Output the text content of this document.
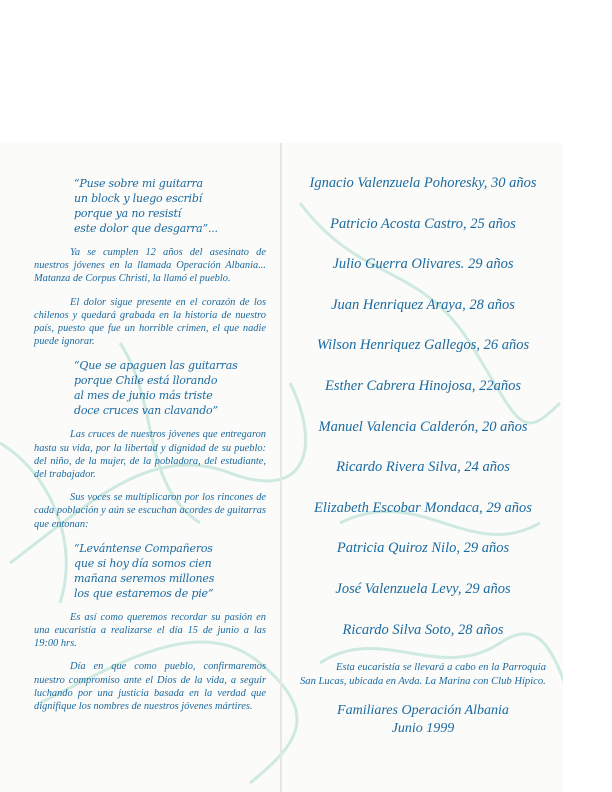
“Puse sobre mi guitarra
un block y luego escribí
porque ya no resistí
este dolor que desgarra”...

Ya se cumplen 12 años del asesinato de nuestros jóvenes en la llamada Operación Albania... Matanza de Corpus Christi, la llamó el pueblo.

El dolor sigue presente en el corazón de los chilenos y quedará grabada en la historia de nuestro país, puesto que fue un horrible crimen, el que nadie puede ignorar.

“Que se apaguen las guitarras
porque Chile está llorando
al mes de junio más triste
doce cruces van clavando”

Las cruces de nuestros jóvenes que entregaron hasta su vida, por la libertad y dignidad de su pueblo: del niño, de la mujer, de la pobladora, del estudiante, del trabajador.

Sus voces se multiplicaron por los rincones de cada población y aún se escuchan acordes de guitarras que entonan:

“Levántense Compañeros
que si hoy día somos cien
mañana seremos millones
los que estaremos de pie”

Es así como queremos recordar su pasión en una eucaristía a realizarse el día 15 de junio a las 19:00 hrs.

Día en que como pueblo, confirmaremos nuestro compromiso ante el Dios de la vida, a seguir luchando por una justicia basada en la verdad que dignifique los nombres de nuestros jóvenes mártires.

Ignacio Valenzuela Pohoresky, 30 años
Patricio Acosta Castro, 25 años
Julio Guerra Olivares. 29 años
Juan Henriquez Araya, 28 años
Wilson Henriquez Gallegos, 26 años
Esther Cabrera Hinojosa, 22años
Manuel Valencia Calderón, 20 años
Ricardo Rivera Silva, 24 años
Elizabeth Escobar Mondaca, 29 años
Patricia Quiroz Nilo, 29 años
José Valenzuela Levy, 29 años
Ricardo Silva Soto, 28 años

Esta eucaristía se llevará a cabo en la Parroquia San Lucas, ubicada en Avda. La Marina con Club Hípico.

Familiares Operación Albania
Junio 1999
